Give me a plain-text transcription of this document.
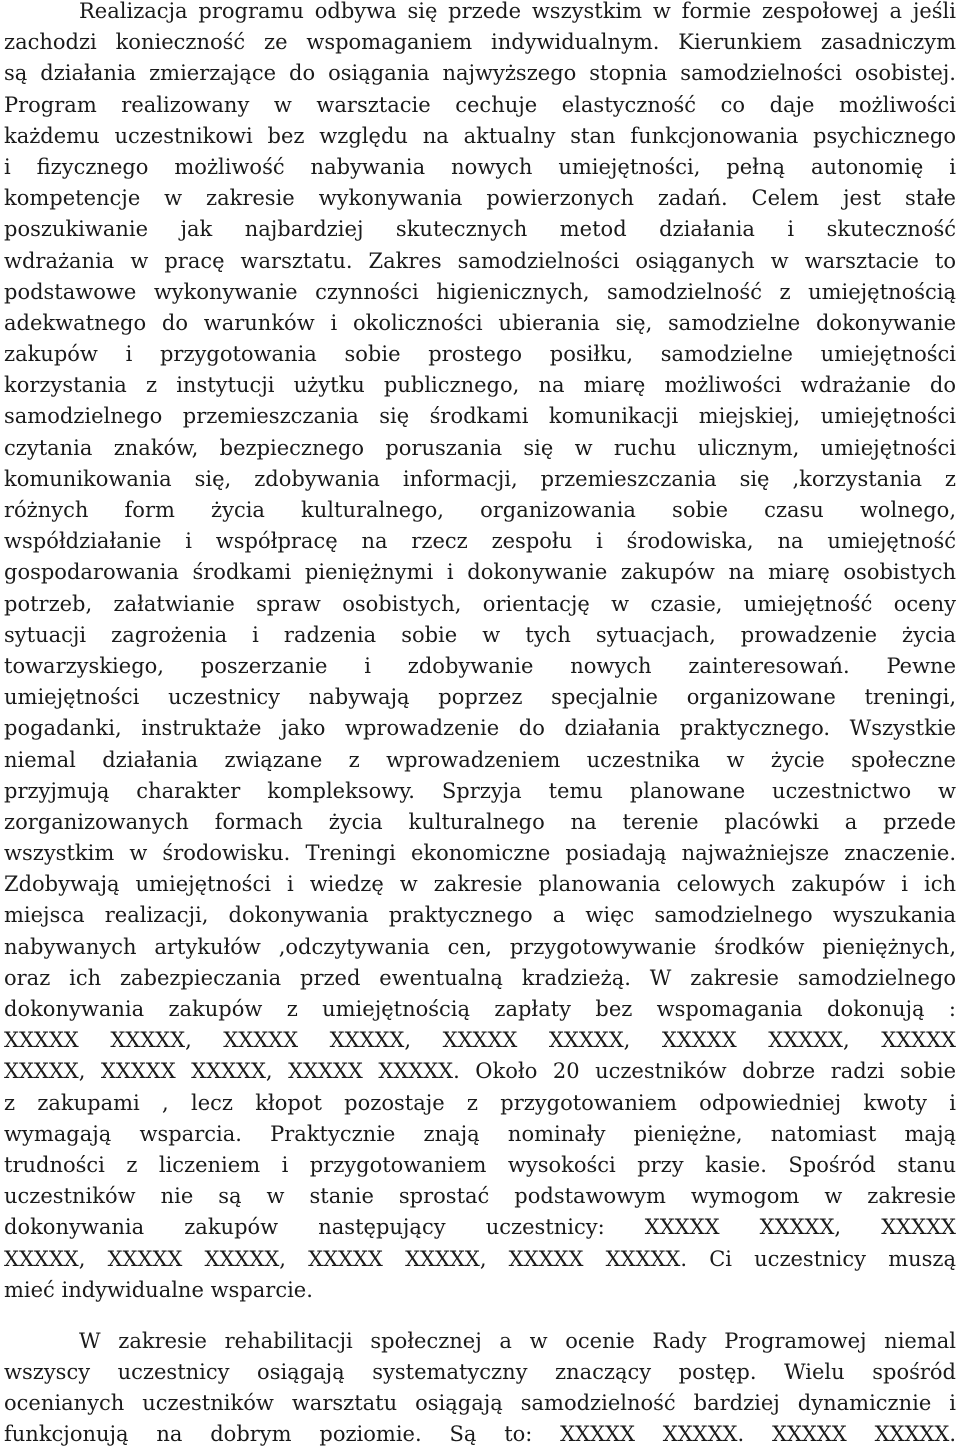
Realizacja programu odbywa się przede wszystkim w formie zespołowej a jeśli
zachodzi konieczność ze wspomaganiem indywidualnym. Kierunkiem zasadniczym
są działania zmierzające do osiągania najwyższego stopnia samodzielności osobistej.
Program realizowany w warsztacie cechuje elastyczność co daje możliwości
każdemu uczestnikowi bez względu na aktualny stan funkcjonowania psychicznego
i fizycznego możliwość nabywania nowych umiejętności, pełną autonomię i
kompetencje w zakresie wykonywania powierzonych zadań. Celem jest stałe
poszukiwanie jak najbardziej skutecznych metod działania i skuteczność
wdrażania w pracę warsztatu. Zakres samodzielności osiąganych w warsztacie to
podstawowe wykonywanie czynności higienicznych, samodzielność z umiejętnością
adekwatnego do warunków i okoliczności ubierania się, samodzielne dokonywanie
zakupów i przygotowania sobie prostego posiłku, samodzielne umiejętności
korzystania z instytucji użytku publicznego, na miarę możliwości wdrażanie do
samodzielnego przemieszczania się środkami komunikacji miejskiej, umiejętności
czytania znaków, bezpiecznego poruszania się w ruchu ulicznym, umiejętności
komunikowania się, zdobywania informacji, przemieszczania się ,korzystania z
różnych form życia kulturalnego, organizowania sobie czasu wolnego,
współdziałanie i współpracę na rzecz zespołu i środowiska, na umiejętność
gospodarowania środkami pieniężnymi i dokonywanie zakupów na miarę osobistych
potrzeb, załatwianie spraw osobistych, orientację w czasie, umiejętność oceny
sytuacji zagrożenia i radzenia sobie w tych sytuacjach, prowadzenie życia
towarzyskiego, poszerzanie i zdobywanie nowych zainteresowań. Pewne
umiejętności uczestnicy nabywają poprzez specjalnie organizowane treningi,
pogadanki, instruktaże jako wprowadzenie do działania praktycznego. Wszystkie
niemal działania związane z wprowadzeniem uczestnika w życie społeczne
przyjmują charakter kompleksowy. Sprzyja temu planowane uczestnictwo w
zorganizowanych formach życia kulturalnego na terenie placówki a przede
wszystkim w środowisku. Treningi ekonomiczne posiadają najważniejsze znaczenie.
Zdobywają umiejętności i wiedzę w zakresie planowania celowych zakupów i ich
miejsca realizacji, dokonywania praktycznego a więc samodzielnego wyszukania
nabywanych artykułów ,odczytywania cen, przygotowywanie środków pieniężnych,
oraz ich zabezpieczania przed ewentualną kradzieżą. W zakresie samodzielnego
dokonywania zakupów z umiejętnością zapłaty bez wspomagania dokonują :
XXXXX XXXXX, XXXXX XXXXX, XXXXX XXXXX, XXXXX XXXXX, XXXXX
XXXXX, XXXXX XXXXX, XXXXX XXXXX. Około 20 uczestników dobrze radzi sobie
z zakupami , lecz kłopot pozostaje z przygotowaniem odpowiedniej kwoty i
wymagają wsparcia. Praktycznie znają nominały pieniężne, natomiast mają
trudności z liczeniem i przygotowaniem wysokości przy kasie. Spośród stanu
uczestników nie są w stanie sprostać podstawowym wymogom w zakresie
dokonywania zakupów następujący uczestnicy: XXXXX XXXXX, XXXXX
XXXXX, XXXXX XXXXX, XXXXX XXXXX, XXXXX XXXXX. Ci uczestnicy muszą
mieć indywidualne wsparcie.
W zakresie rehabilitacji społecznej a w ocenie Rady Programowej niemal
wszyscy uczestnicy osiągają systematyczny znaczący postęp. Wielu spośród
ocenianych uczestników warsztatu osiągają samodzielność bardziej dynamicznie i
funkcjonują na dobrym poziomie. Są to: XXXXX XXXXX. XXXXX XXXXX.
